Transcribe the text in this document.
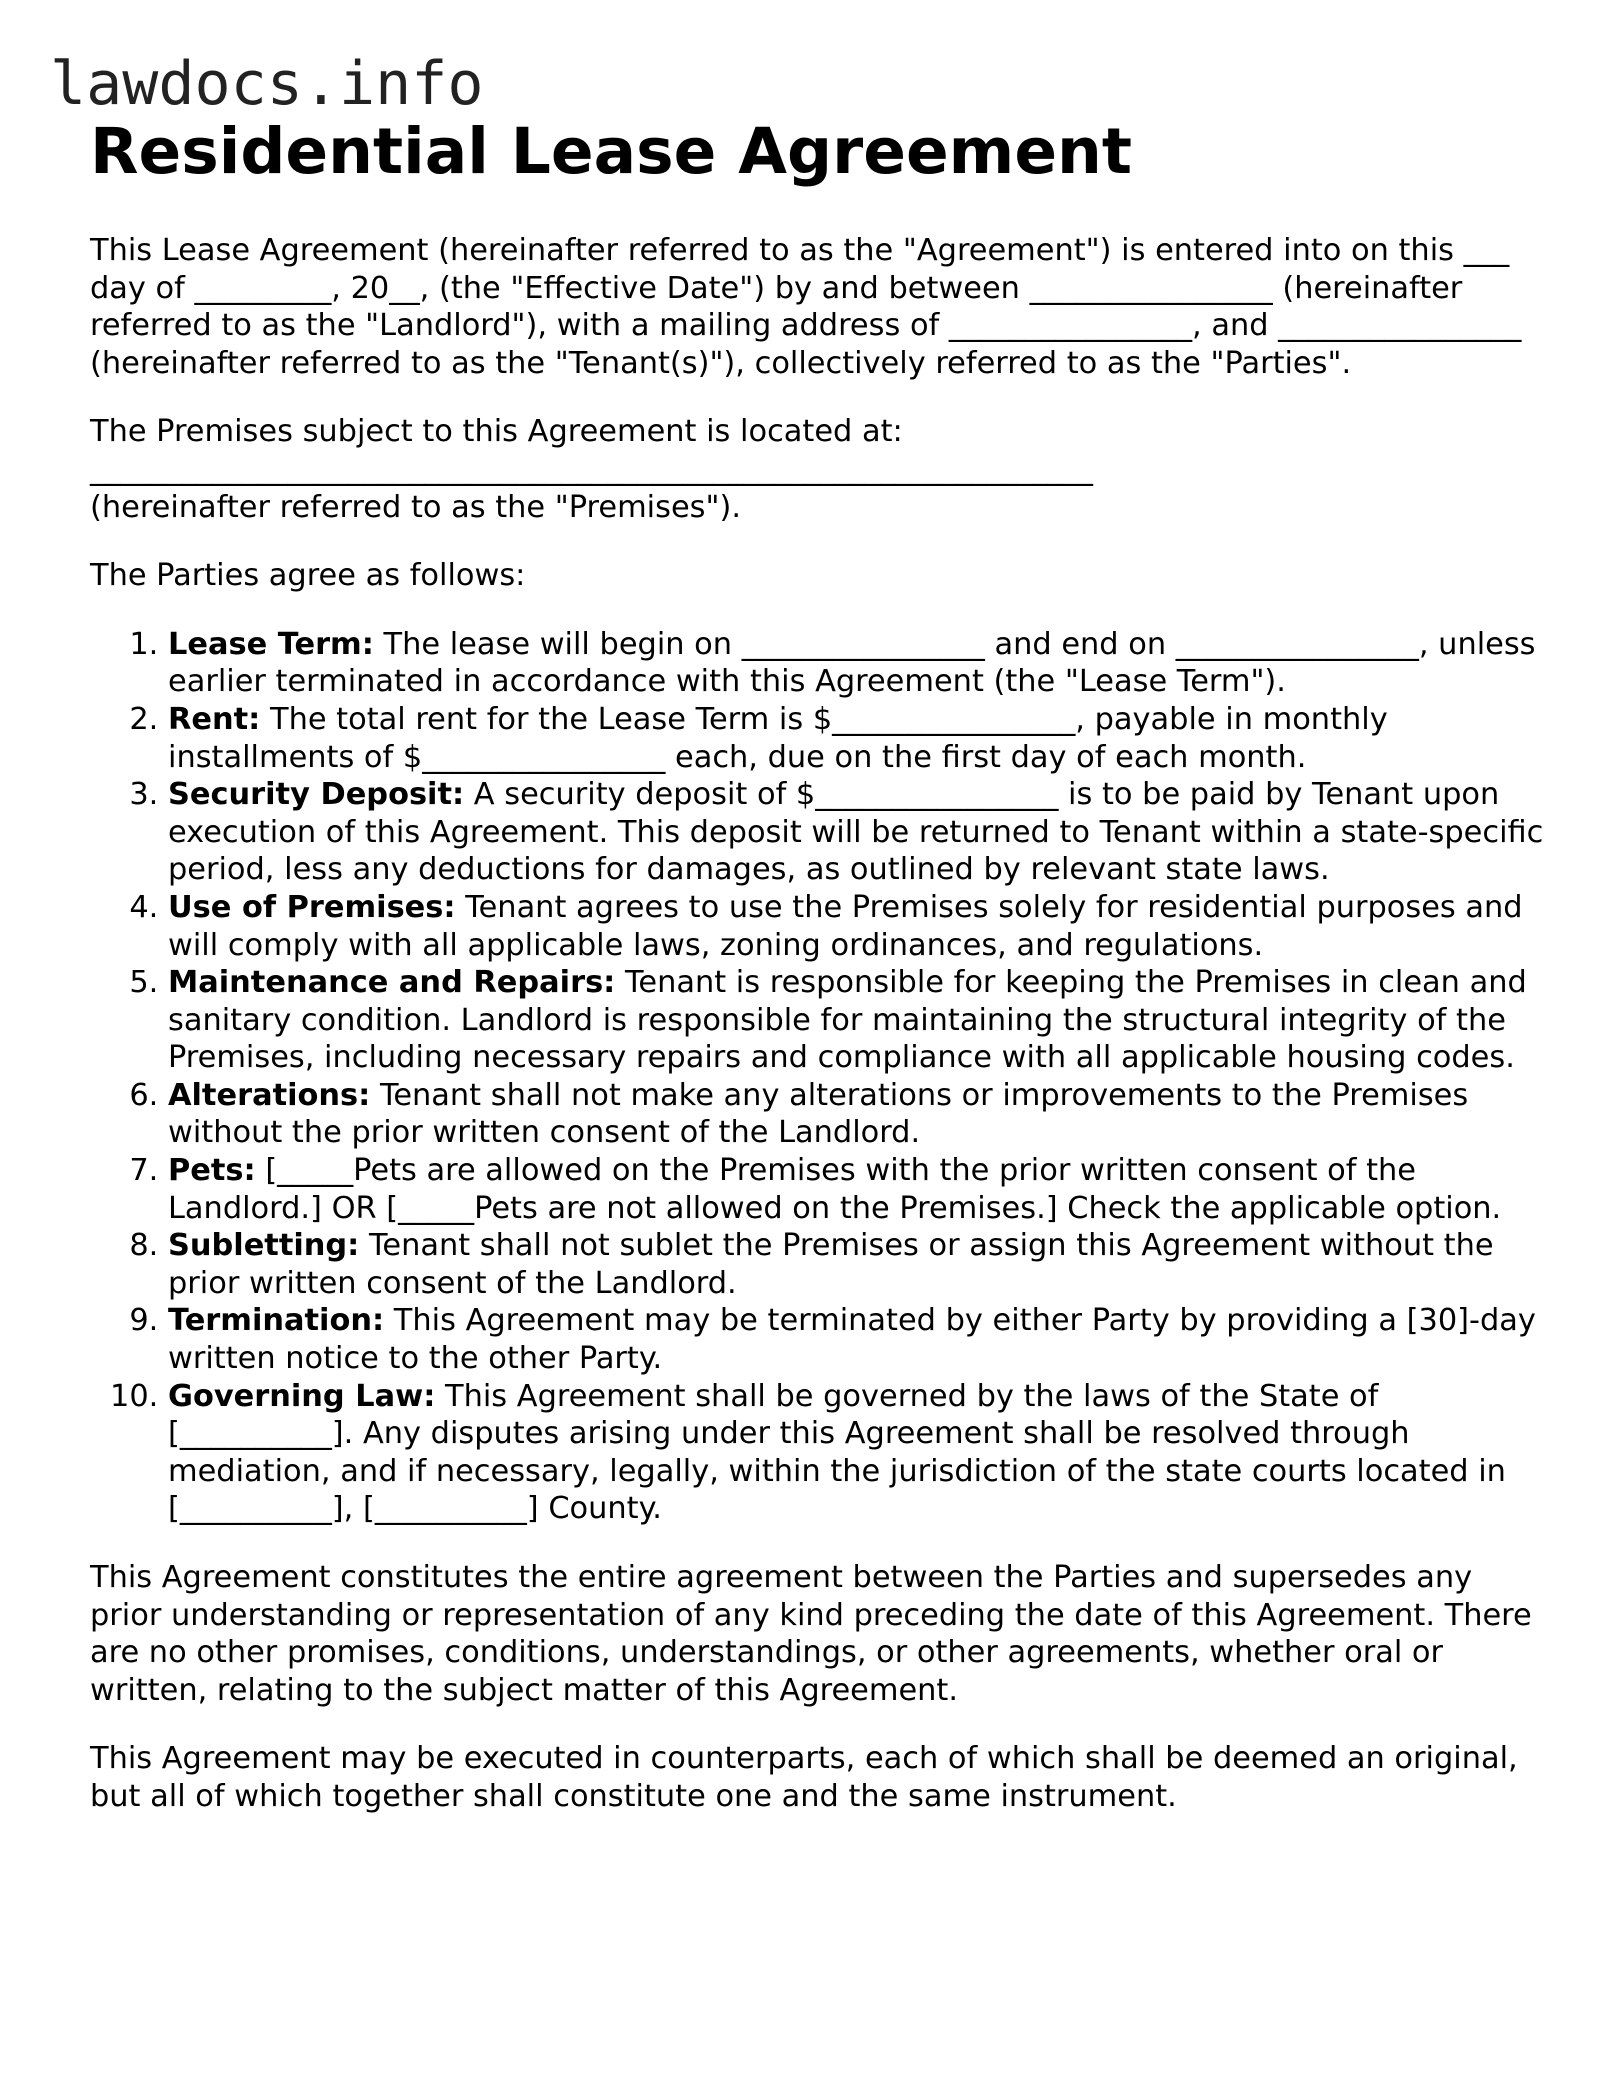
lawdocs.info
Residential Lease Agreement

This Lease Agreement (hereinafter referred to as the "Agreement") is entered into on this ___ day of _________, 20__, (the "Effective Date") by and between ________________ (hereinafter referred to as the "Landlord"), with a mailing address of ________________, and ________________ (hereinafter referred to as the "Tenant(s)"), collectively referred to as the "Parties".

The Premises subject to this Agreement is located at:
__________________________________________________________________
(hereinafter referred to as the "Premises").

The Parties agree as follows:

1. Lease Term: The lease will begin on ________________ and end on ________________, unless earlier terminated in accordance with this Agreement (the "Lease Term").
2. Rent: The total rent for the Lease Term is $________________, payable in monthly installments of $________________ each, due on the first day of each month.
3. Security Deposit: A security deposit of $________________ is to be paid by Tenant upon execution of this Agreement. This deposit will be returned to Tenant within a state-specific period, less any deductions for damages, as outlined by relevant state laws.
4. Use of Premises: Tenant agrees to use the Premises solely for residential purposes and will comply with all applicable laws, zoning ordinances, and regulations.
5. Maintenance and Repairs: Tenant is responsible for keeping the Premises in clean and sanitary condition. Landlord is responsible for maintaining the structural integrity of the Premises, including necessary repairs and compliance with all applicable housing codes.
6. Alterations: Tenant shall not make any alterations or improvements to the Premises without the prior written consent of the Landlord.
7. Pets: [_____Pets are allowed on the Premises with the prior written consent of the Landlord.] OR [_____Pets are not allowed on the Premises.] Check the applicable option.
8. Subletting: Tenant shall not sublet the Premises or assign this Agreement without the prior written consent of the Landlord.
9. Termination: This Agreement may be terminated by either Party by providing a [30]-day written notice to the other Party.
10. Governing Law: This Agreement shall be governed by the laws of the State of [__________]. Any disputes arising under this Agreement shall be resolved through mediation, and if necessary, legally, within the jurisdiction of the state courts located in [__________], [__________] County.

This Agreement constitutes the entire agreement between the Parties and supersedes any prior understanding or representation of any kind preceding the date of this Agreement. There are no other promises, conditions, understandings, or other agreements, whether oral or written, relating to the subject matter of this Agreement.

This Agreement may be executed in counterparts, each of which shall be deemed an original, but all of which together shall constitute one and the same instrument.
